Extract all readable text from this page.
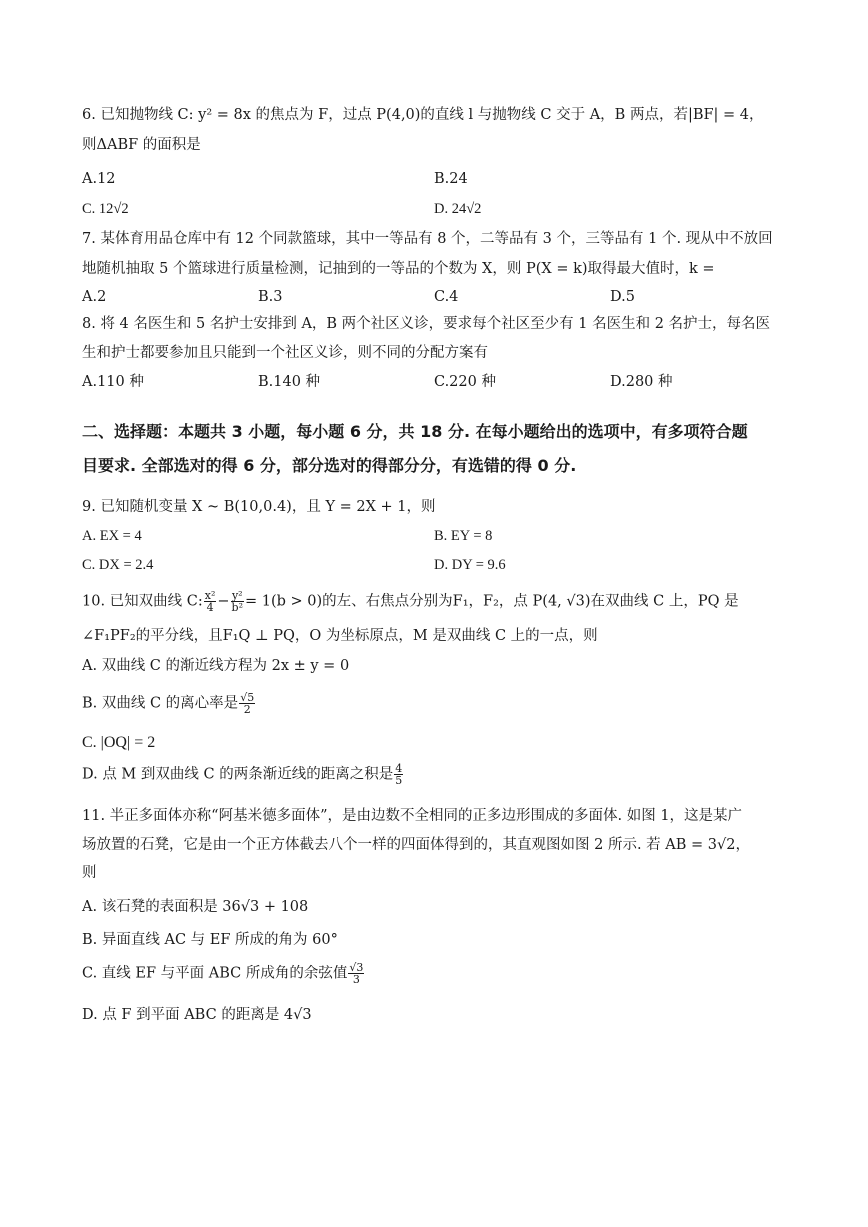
6. 已知抛物线 C: y² = 8x 的焦点为 F，过点 P(4,0)的直线 l 与抛物线 C 交于 A，B 两点，若|BF| = 4，
则ΔABF 的面积是
A.12	B.24
C. 12√2	D. 24√2
7. 某体育用品仓库中有 12 个同款篮球，其中一等品有 8 个，二等品有 3 个，三等品有 1 个. 现从中不放回
地随机抽取 5 个篮球进行质量检测，记抽到的一等品的个数为 X，则 P(X = k)取得最大值时，k =
A.2	B.3	C.4	D.5
8. 将 4 名医生和 5 名护士安排到 A，B 两个社区义诊，要求每个社区至少有 1 名医生和 2 名护士，每名医
生和护士都要参加且只能到一个社区义诊，则不同的分配方案有
A.110 种	B.140 种	C.220 种	D.280 种
二、选择题：本题共 3 小题，每小题 6 分，共 18 分. 在每小题给出的选项中，有多项符合题
目要求. 全部选对的得 6 分，部分选对的得部分分，有选错的得 0 分.
9. 已知随机变量 X ~ B(10,0.4)，且 Y = 2X + 1，则
A. EX = 4	B. EY = 8
C. DX = 2.4	D. DY = 9.6
10. 已知双曲线 C: $\frac{\text{x²}}{4} - \frac{\text{y²}}{\text{b²}} = 1(b > 0)$的左、右焦点分别为F₁，F₂，点 P(4, √3)在双曲线 C 上，PQ 是
∠F₁PF₂的平分线，且F₁Q ⊥ PQ，O 为坐标原点，M 是双曲线 C 上的一点，则
A. 双曲线 C 的渐近线方程为 2x ± y = 0
B. 双曲线 C 的离心率是 $\frac{√5}{2}$
C. |OQ| = 2
D. 点 M 到双曲线 C 的两条渐近线的距离之积是 $\frac{4}{5}$
11. 半正多面体亦称“阿基米德多面体”，是由边数不全相同的正多边形围成的多面体. 如图 1，这是某广
场放置的石凳，它是由一个正方体截去八个一样的四面体得到的，其直观图如图 2 所示. 若 AB = 3√2，
则
A. 该石凳的表面积是 36√3 + 108
B. 异面直线 AC 与 EF 所成的角为 60°
C. 直线 EF 与平面 ABC 所成角的余弦值 $\frac{√3}{3}$
D. 点 F 到平面 ABC 的距离是 4√3
